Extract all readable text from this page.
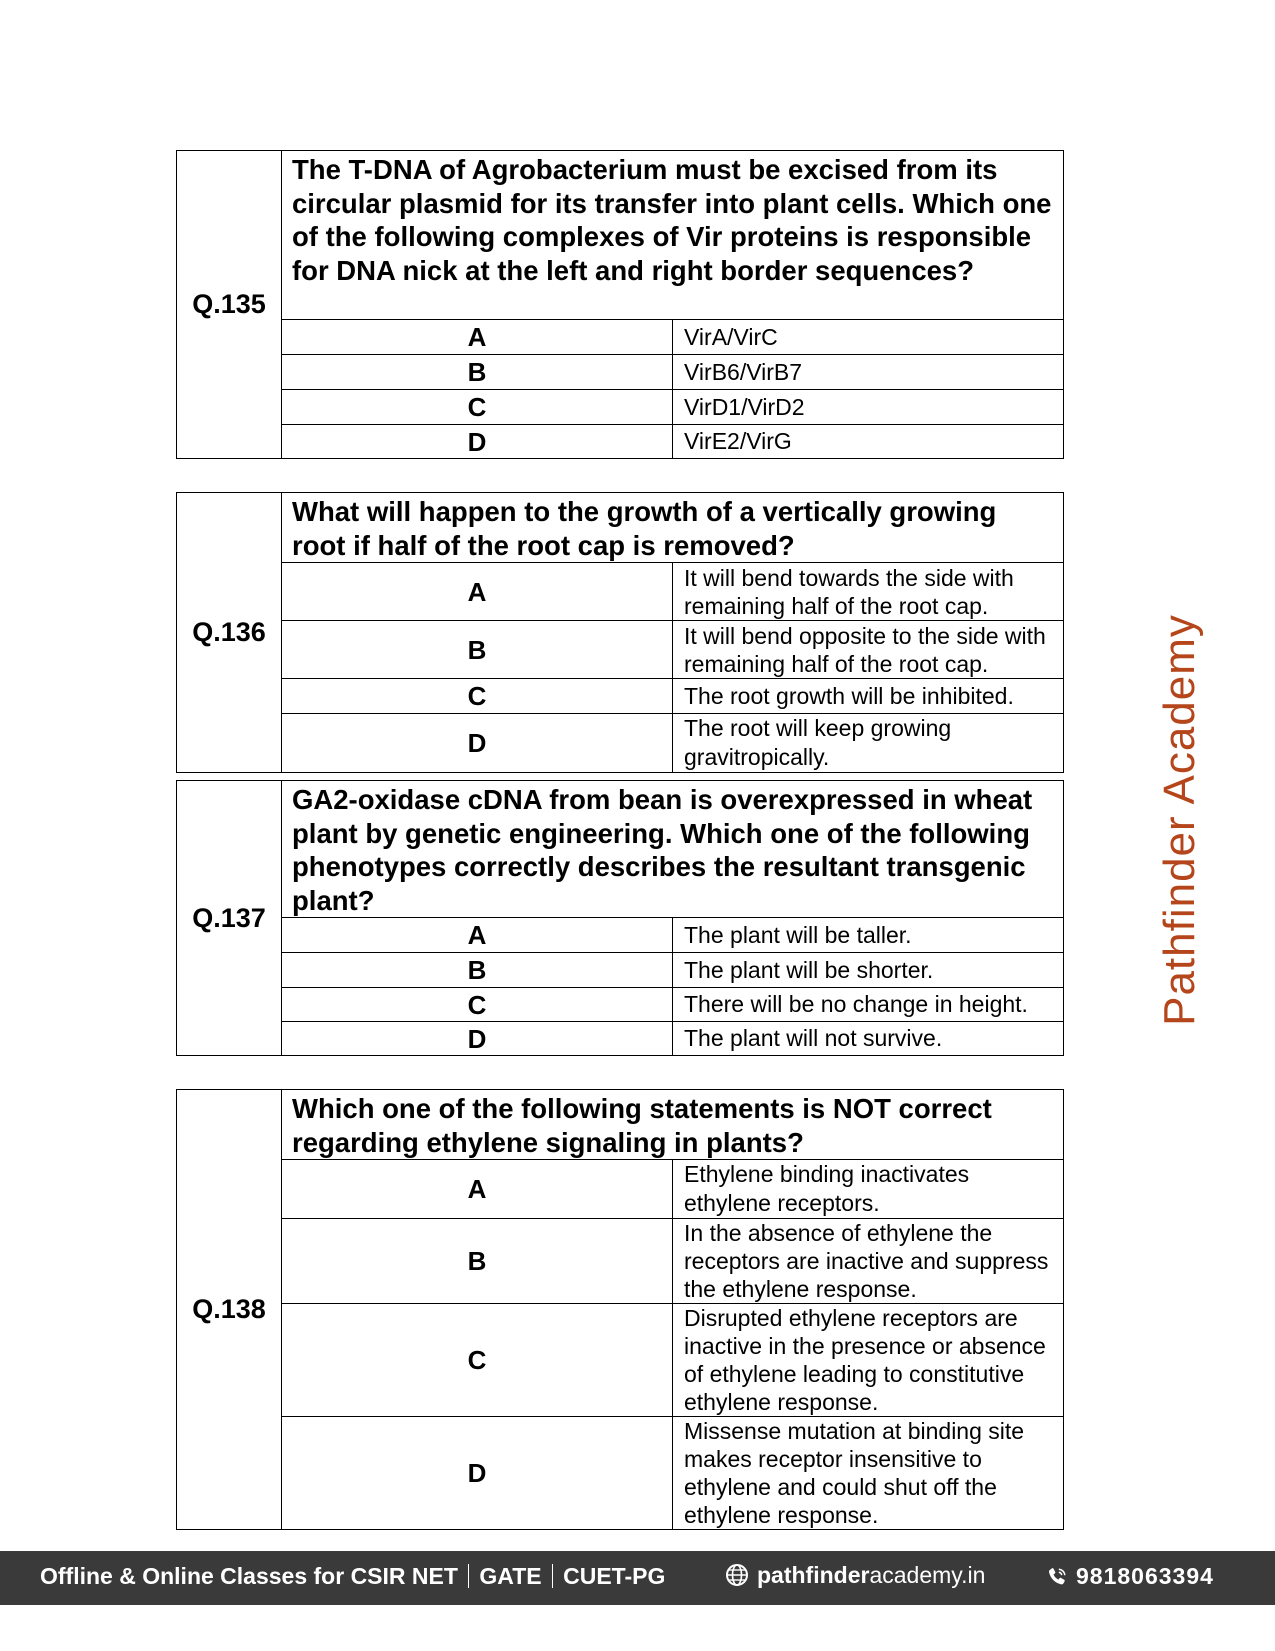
Q.135	The T-DNA of Agrobacterium must be excised from its circular plasmid for its transfer into plant cells. Which one of the following complexes of Vir proteins is responsible for DNA nick at the left and right border sequences?	
	A	VirA/VirC
	B	VirB6/VirB7
	C	VirD1/VirD2
	D	VirE2/VirG
Q.136	What will happen to the growth of a vertically growing root if half of the root cap is removed?	
	A	It will bend towards the side with remaining half of the root cap.
	B	It will bend opposite to the side with remaining half of the root cap.
	C	The root growth will be inhibited.
	D	The root will keep growing gravitropically.
Q.137	GA2-oxidase cDNA from bean is overexpressed in wheat plant by genetic engineering. Which one of the following phenotypes correctly describes the resultant transgenic plant?	
	A	The plant will be taller.
	B	The plant will be shorter.
	C	There will be no change in height.
	D	The plant will not survive.
Q.138	Which one of the following statements is NOT correct regarding ethylene signaling in plants?	
	A	Ethylene binding inactivates ethylene receptors.
	B	In the absence of ethylene the receptors are inactive and suppress the ethylene response.
	C	Disrupted ethylene receptors are inactive in the presence or absence of ethylene leading to constitutive ethylene response.
	D	Missense mutation at binding site makes receptor insensitive to ethylene and could shut off the ethylene response.
Pathfinder Academy
Offline & Online Classes for CSIR NET GATE CUET-PG	pathfinderacademy.in	9818063394
